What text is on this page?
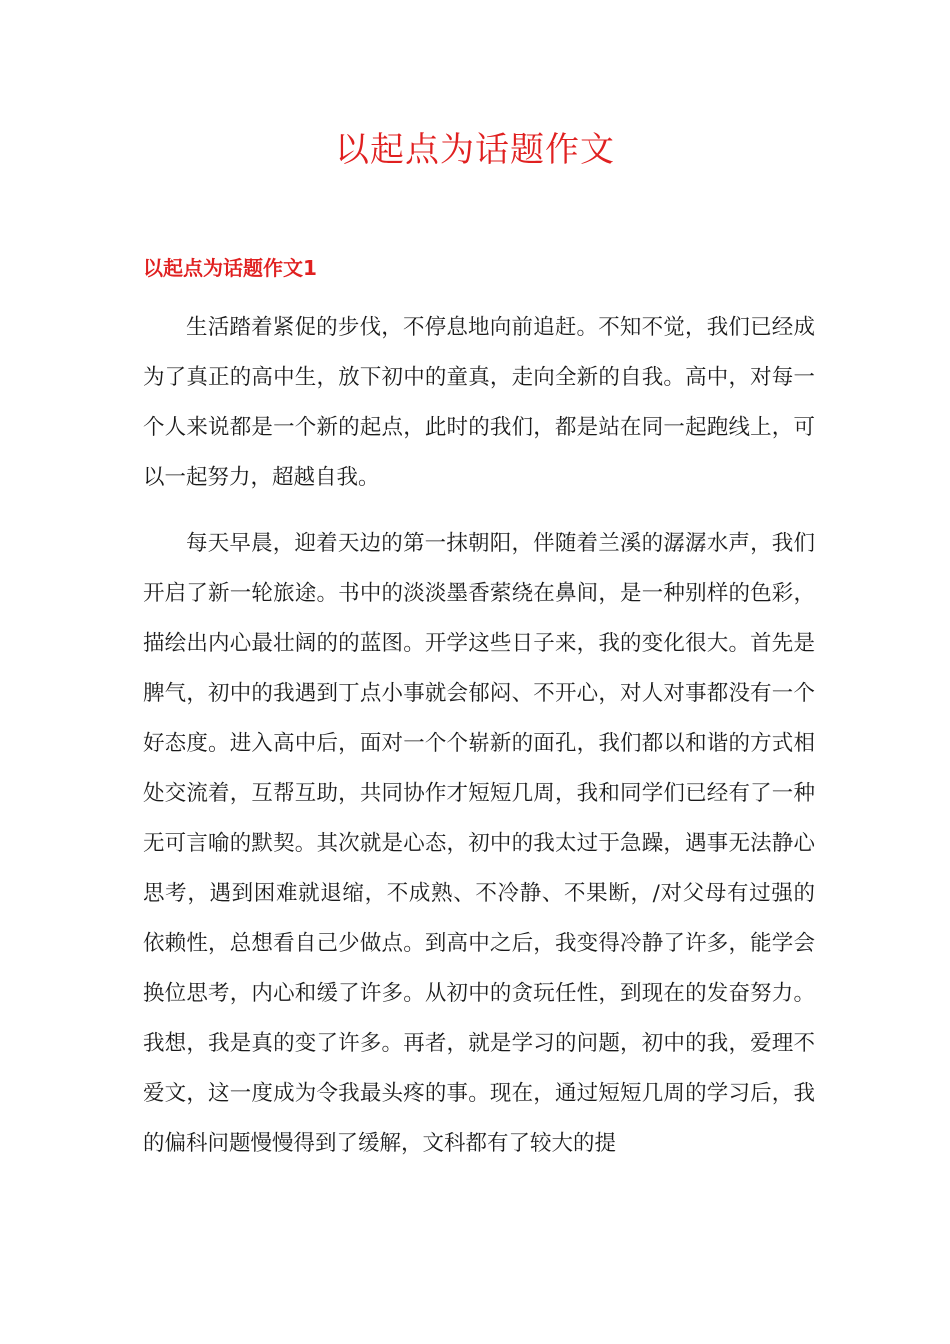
以起点为话题作文
以起点为话题作文1

生活踏着紧促的步伐，不停息地向前追赶。不知不觉，我们已经成为了真正的高中生，放下初中的童真，走向全新的自我。高中，对每一个人来说都是一个新的起点，此时的我们，都是站在同一起跑线上，可以一起努力，超越自我。

每天早晨，迎着天边的第一抹朝阳，伴随着兰溪的潺潺水声，我们开启了新一轮旅途。书中的淡淡墨香萦绕在鼻间，是一种别样的色彩，描绘出内心最壮阔的的蓝图。开学这些日子来，我的变化很大。首先是脾气，初中的我遇到丁点小事就会郁闷、不开心，对人对事都没有一个好态度。进入高中后，面对一个个崭新的面孔，我们都以和谐的方式相处交流着，互帮互助，共同协作才短短几周，我和同学们已经有了一种无可言喻的默契。其次就是心态，初中的我太过于急躁，遇事无法静心思考，遇到困难就退缩，不成熟、不冷静、不果断，/对父母有过强的依赖性，总想看自己少做点。到高中之后，我变得冷静了许多，能学会换位思考，内心和缓了许多。从初中的贪玩任性，到现在的发奋努力。我想，我是真的变了许多。再者，就是学习的问题，初中的我，爱理不爱文，这一度成为令我最头疼的事。现在，通过短短几周的学习后，我的偏科问题慢慢得到了缓解，文科都有了较大的提
